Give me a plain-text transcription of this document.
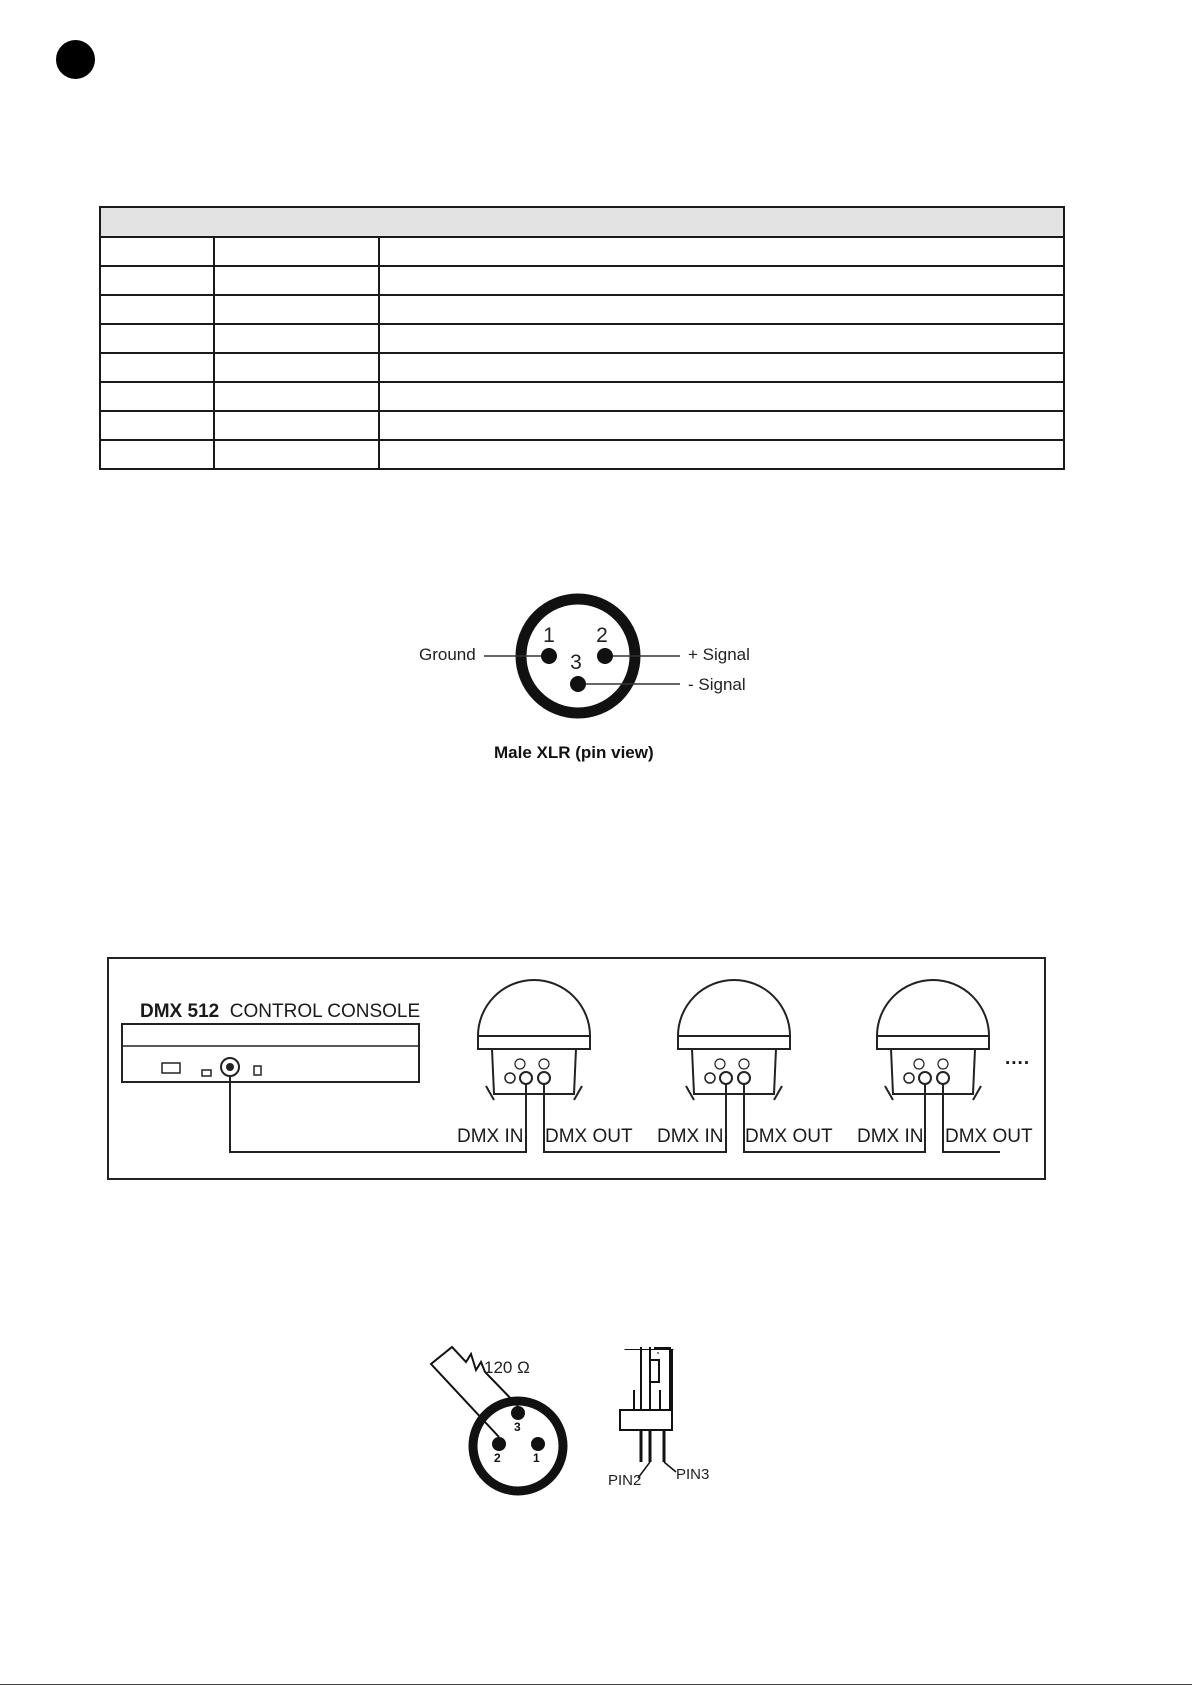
1 2
3
Ground	+ Signal
- Signal
Male XLR (pin view)
DMX 512 CONTROL CONSOLE
DMX IN DMX OUT DMX IN DMX OUT DMX IN DMX OUT
....
120 Ω
3
2	1
PIN2 PIN3
